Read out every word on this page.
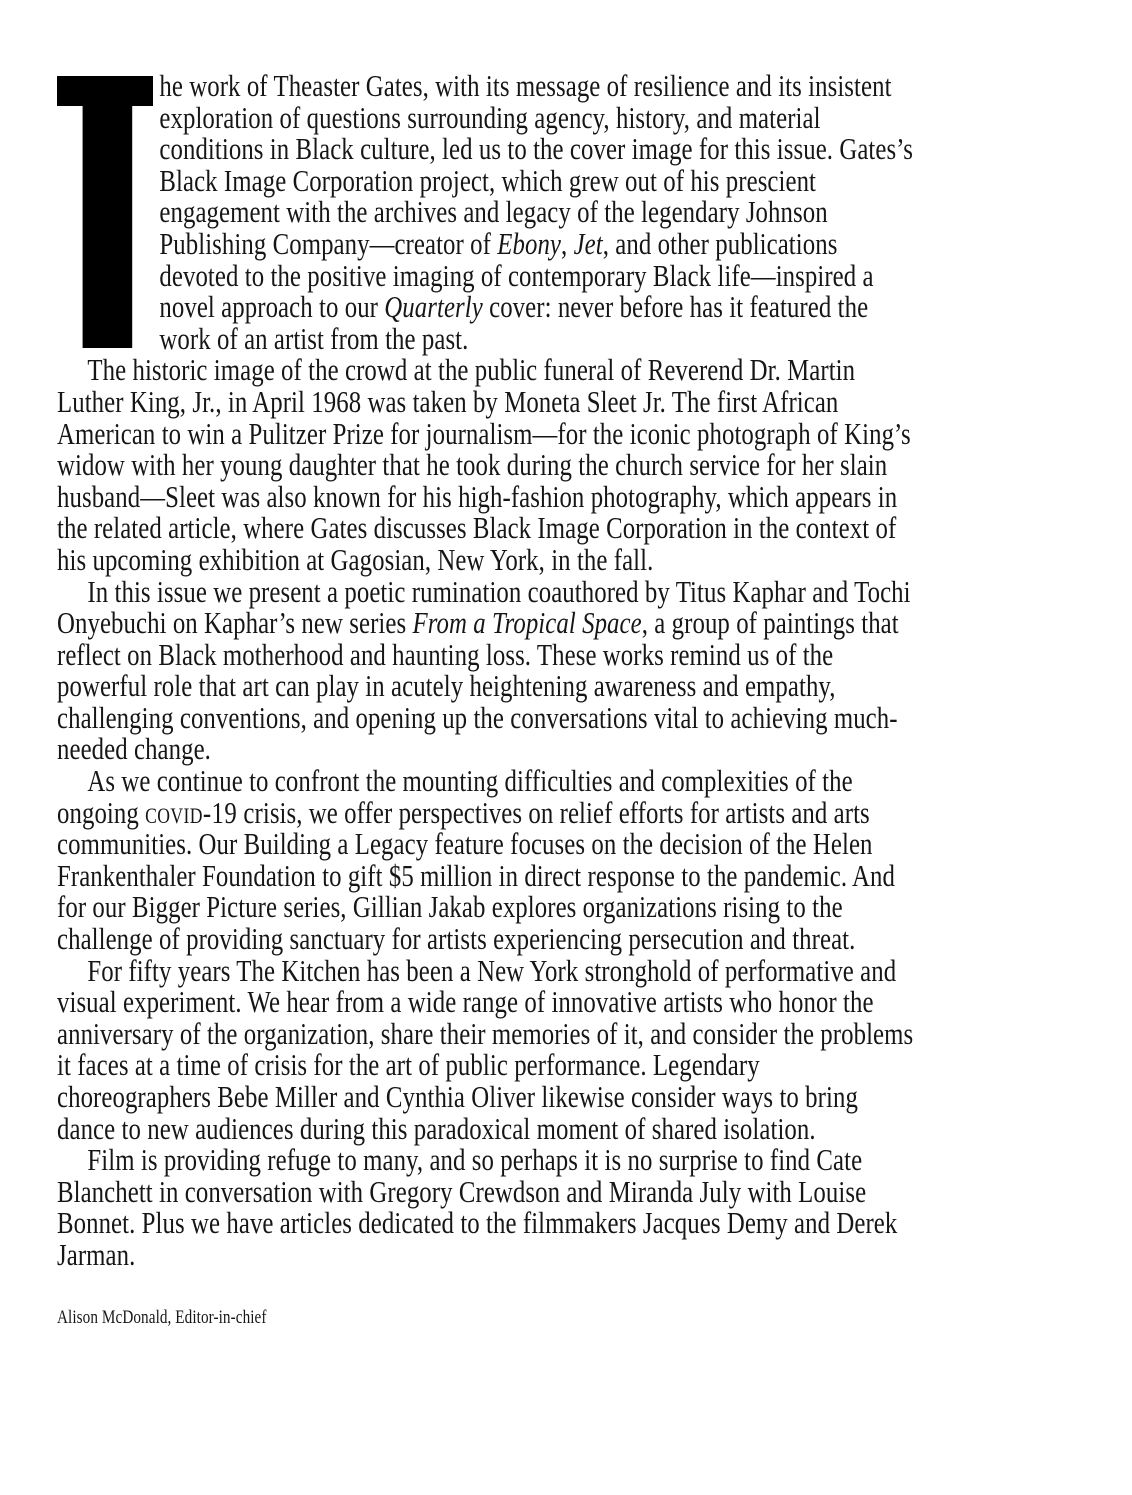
he work of Theaster Gates, with its message of resilience and its insistent exploration of questions surrounding agency, history, and material conditions in Black culture, led us to the cover image for this issue. Gates’s Black Image Corporation project, which grew out of his prescient engagement with the archives and legacy of the legendary Johnson Publishing Company—creator of Ebony, Jet, and other publications devoted to the positive imaging of contemporary Black life—inspired a novel approach to our Quarterly cover: never before has it featured the work of an artist from the past.

The historic image of the crowd at the public funeral of Reverend Dr. Martin Luther King, Jr., in April 1968 was taken by Moneta Sleet Jr. The first African American to win a Pulitzer Prize for journalism—for the iconic photograph of King’s widow with her young daughter that he took during the church service for her slain husband—Sleet was also known for his high-fashion photography, which appears in the related article, where Gates discusses Black Image Corporation in the context of his upcoming exhibition at Gagosian, New York, in the fall.

In this issue we present a poetic rumination coauthored by Titus Kaphar and Tochi Onyebuchi on Kaphar’s new series From a Tropical Space, a group of paintings that reflect on Black motherhood and haunting loss. These works remind us of the powerful role that art can play in acutely heightening awareness and empathy, challenging conventions, and opening up the conversations vital to achieving much-needed change.

As we continue to confront the mounting difficulties and complexities of the ongoing covid-19 crisis, we offer perspectives on relief efforts for artists and arts communities. Our Building a Legacy feature focuses on the decision of the Helen Frankenthaler Foundation to gift $5 million in direct response to the pandemic. And for our Bigger Picture series, Gillian Jakab explores organizations rising to the challenge of providing sanctuary for artists experiencing persecution and threat.

For fifty years The Kitchen has been a New York stronghold of performative and visual experiment. We hear from a wide range of innovative artists who honor the anniversary of the organization, share their memories of it, and consider the problems it faces at a time of crisis for the art of public performance. Legendary choreographers Bebe Miller and Cynthia Oliver likewise consider ways to bring dance to new audiences during this paradoxical moment of shared isolation.

Film is providing refuge to many, and so perhaps it is no surprise to find Cate Blanchett in conversation with Gregory Crewdson and Miranda July with Louise Bonnet. Plus we have articles dedicated to the filmmakers Jacques Demy and Derek Jarman.

Alison McDonald, Editor-in-chief
